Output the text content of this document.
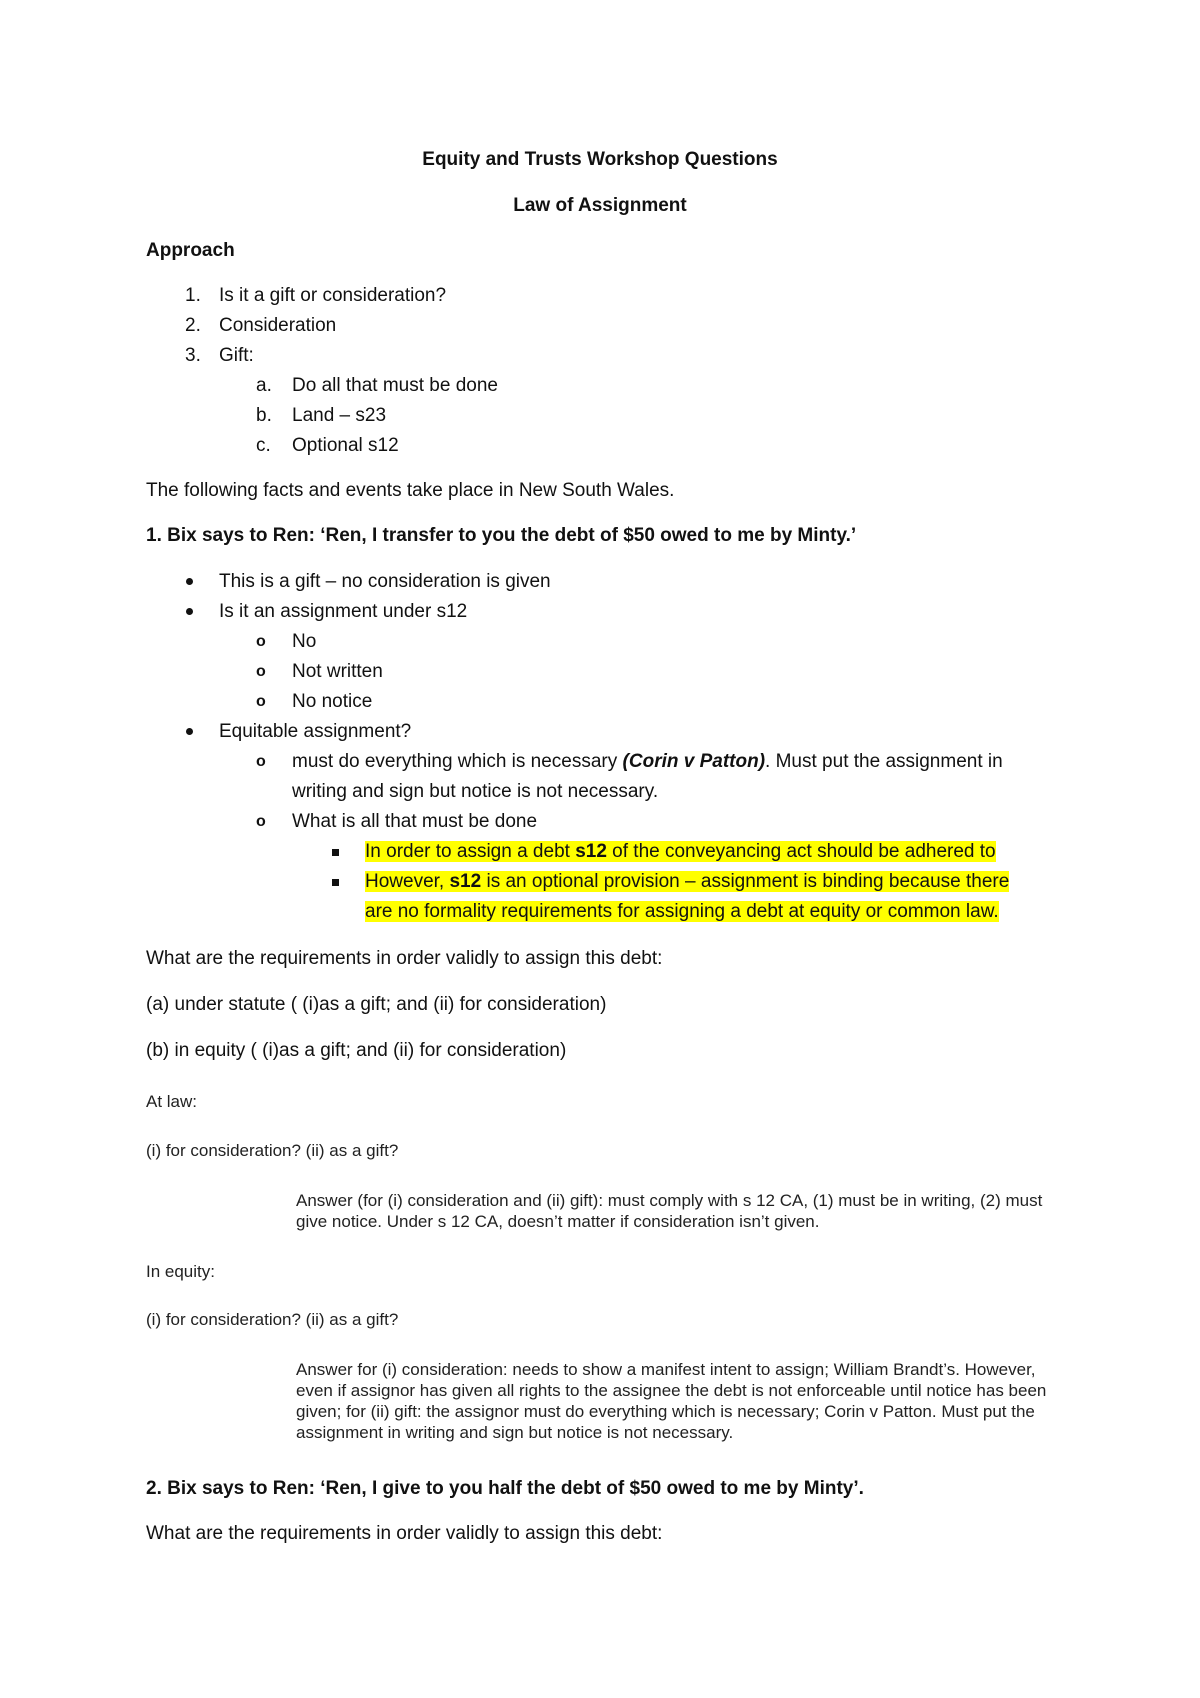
Equity and Trusts Workshop Questions
Law of Assignment
Approach
1. Is it a gift or consideration?
2. Consideration
3. Gift:
a. Do all that must be done
b. Land – s23
c. Optional s12
The following facts and events take place in New South Wales.
1. Bix says to Ren: ‘Ren, I transfer to you the debt of $50 owed to me by Minty.’
This is a gift – no consideration is given
Is it an assignment under s12
o No
o Not written
o No notice
Equitable assignment?
o must do everything which is necessary (Corin v Patton). Must put the assignment in
writing and sign but notice is not necessary.
o What is all that must be done
In order to assign a debt s12 of the conveyancing act should be adhered to
However, s12 is an optional provision – assignment is binding because there
are no formality requirements for assigning a debt at equity or common law.
What are the requirements in order validly to assign this debt:
(a) under statute ( (i)as a gift; and (ii) for consideration)
(b) in equity ( (i)as a gift; and (ii) for consideration)
At law:
(i) for consideration? (ii) as a gift?
Answer (for (i) consideration and (ii) gift): must comply with s 12 CA, (1) must be in writing, (2) must give notice. Under s 12 CA, doesn’t matter if consideration isn’t given.
In equity:
(i) for consideration? (ii) as a gift?
Answer for (i) consideration: needs to show a manifest intent to assign; William Brandt’s. However, even if assignor has given all rights to the assignee the debt is not enforceable until notice has been given; for (ii) gift: the assignor must do everything which is necessary; Corin v Patton. Must put the assignment in writing and sign but notice is not necessary.
2. Bix says to Ren: ‘Ren, I give to you half the debt of $50 owed to me by Minty’.
What are the requirements in order validly to assign this debt:
